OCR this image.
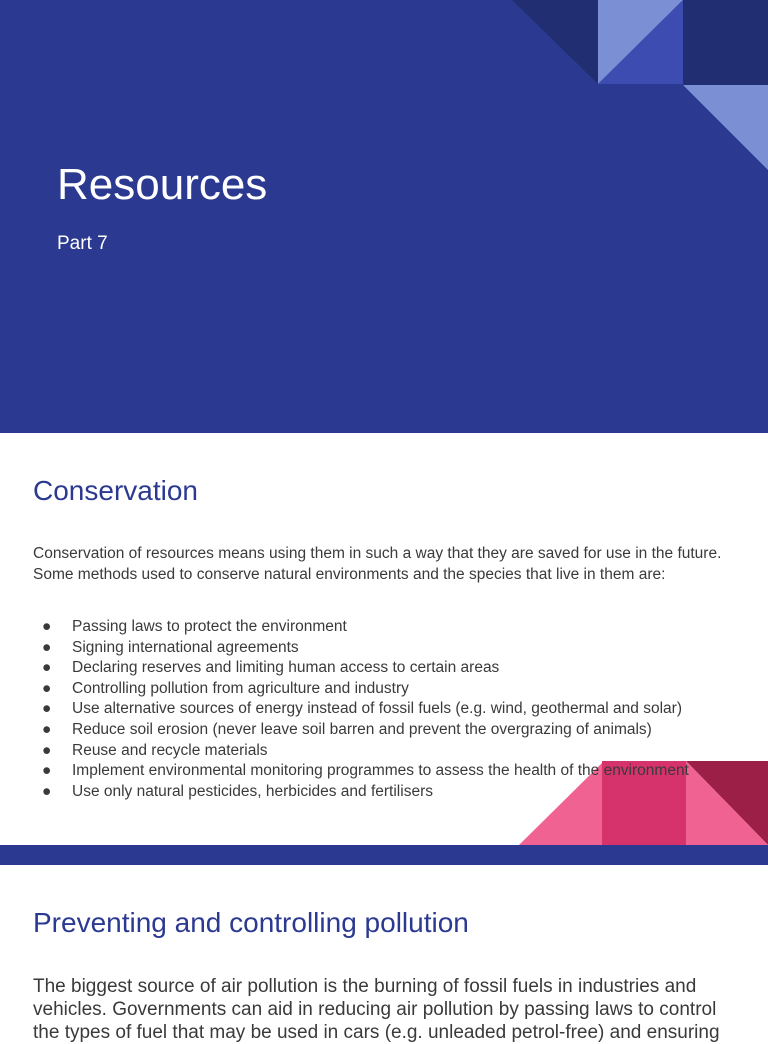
Resources

Part 7

Conservation

Conservation of resources means using them in such a way that they are saved for use in the future. Some methods used to conserve natural environments and the species that live in them are:

● Passing laws to protect the environment
● Signing international agreements
● Declaring reserves and limiting human access to certain areas
● Controlling pollution from agriculture and industry
● Use alternative sources of energy instead of fossil fuels (e.g. wind, geothermal and solar)
● Reduce soil erosion (never leave soil barren and prevent the overgrazing of animals)
● Reuse and recycle materials
● Implement environmental monitoring programmes to assess the health of the environment
● Use only natural pesticides, herbicides and fertilisers
Preventing and controlling pollution

The biggest source of air pollution is the burning of fossil fuels in industries and vehicles. Governments can aid in reducing air pollution by passing laws to control the types of fuel that may be used in cars (e.g. unleaded petrol-free) and ensuring
